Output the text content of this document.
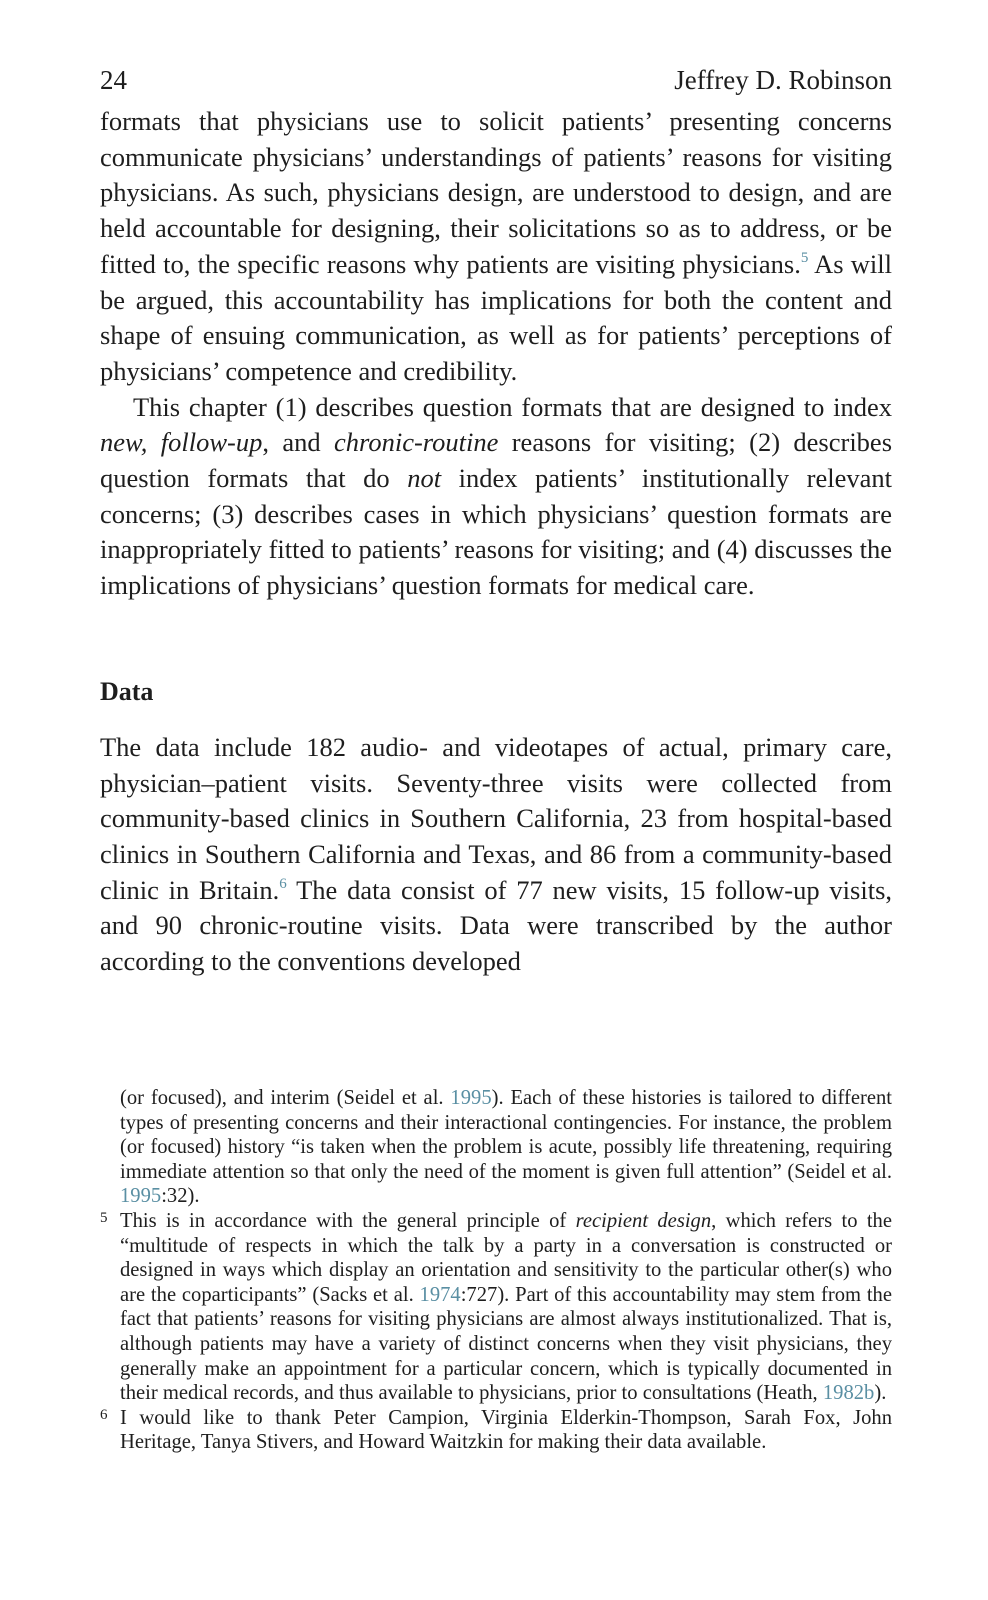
24	Jeffrey D. Robinson

formats that physicians use to solicit patients’ presenting concerns communicate physicians’ understandings of patients’ reasons for visiting physicians. As such, physicians design, are understood to design, and are held accountable for designing, their solicitations so as to address, or be fitted to, the specific reasons why patients are visiting physicians.$^5$ As will be argued, this accountability has implications for both the content and shape of ensuing communication, as well as for patients’ perceptions of physicians’ competence and credibility.

This chapter (1) describes question formats that are designed to index new, follow-up, and chronic-routine reasons for visiting; (2) describes question formats that do not index patients’ institutionally relevant concerns; (3) describes cases in which physicians’ question formats are inappropriately fitted to patients’ reasons for visiting; and (4) discusses the implications of physicians’ question formats for medical care.

Data

The data include 182 audio- and videotapes of actual, primary care, physician–patient visits. Seventy-three visits were collected from community-based clinics in Southern California, 23 from hospital-based clinics in Southern California and Texas, and 86 from a community-based clinic in Britain.$^6$ The data consist of 77 new visits, 15 follow-up visits, and 90 chronic-routine visits. Data were transcribed by the author according to the conventions developed

(or focused), and interim (Seidel et al. 1995). Each of these histories is tailored to different types of presenting concerns and their interactional contingencies. For instance, the problem (or focused) history “is taken when the problem is acute, possibly life threatening, requiring immediate attention so that only the need of the moment is given full attention” (Seidel et al. 1995:32).

5 This is in accordance with the general principle of recipient design, which refers to the “multitude of respects in which the talk by a party in a conversation is constructed or designed in ways which display an orientation and sensitivity to the particular other(s) who are the coparticipants” (Sacks et al. 1974:727). Part of this accountability may stem from the fact that patients’ reasons for visiting physicians are almost always institutionalized. That is, although patients may have a variety of distinct concerns when they visit physicians, they generally make an appointment for a particular concern, which is typically documented in their medical records, and thus available to physicians, prior to consultations (Heath, 1982b).

6 I would like to thank Peter Campion, Virginia Elderkin-Thompson, Sarah Fox, John Heritage, Tanya Stivers, and Howard Waitzkin for making their data available.
